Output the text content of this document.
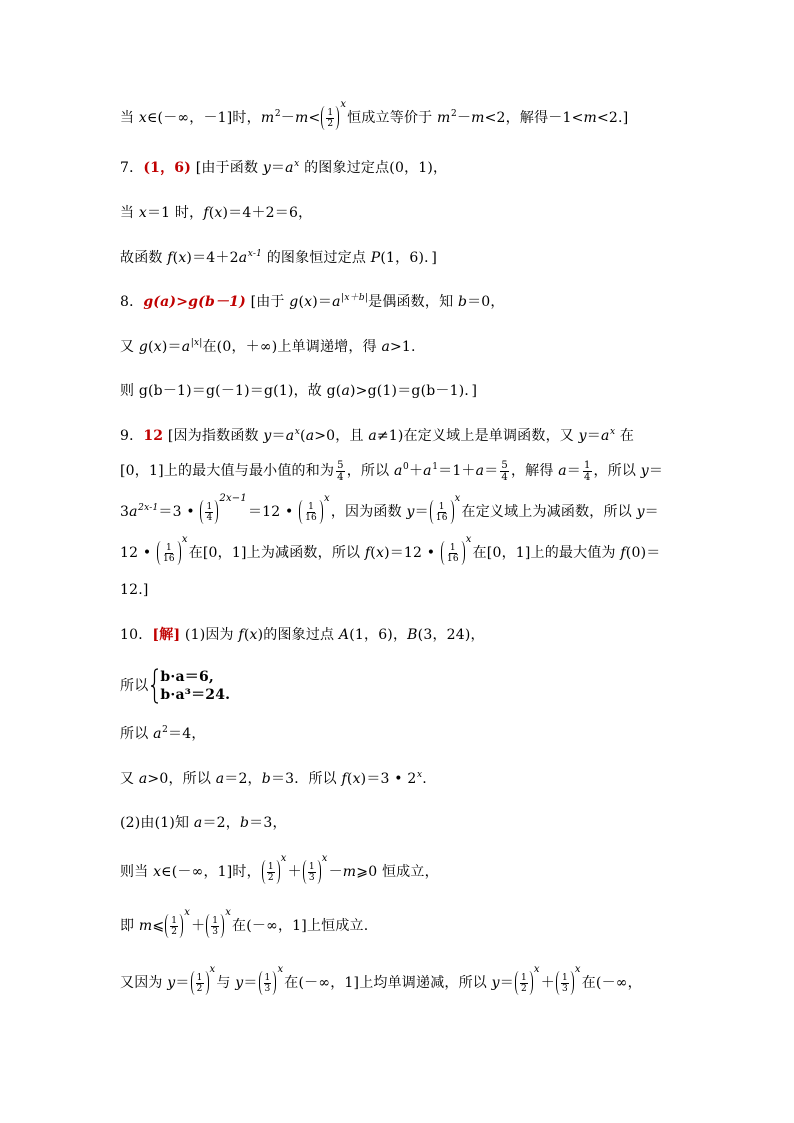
当 x∈(－∞，－1]时，$m^2-m< \frac{1}{2}$
x
恒成立等价于 $m^2-m<2$，解得－1<m<2.]
7．(1，6) [由于函数 $y=a^x$ 的图象过定点(0，1)，
当 x＝1 时，f(x)＝4＋2＝6，
故函数 $f(x)=4+2a^{x-1}$ 的图象恒过定点 P(1，6)．]
8．g(a)>g(b－1) [由于 $g(x)=a^{|x+b|}$是偶函数，知 b＝0，
又 $g(x)=a^{|x|}$在(0，＋∞)上单调递增，得 a>1.
则 g(b－1)＝g(－1)＝g(1)，故 g(a)>g(1)＝g(b－1)．]
9．12 [因为指数函数 $y=a^x(a>0$，且 a≠1)在定义域上是单调函数，又 $y=a^x$ 在
[0，1]上的最大值与最小值的和为 $\frac{5}{4}$ ，所以 $a^0+a^1=1+a= \frac{5}{4}$ ，解得 $a= \frac{1}{4}$ ，所以 y＝
$3a^{2x-1}=3$ • $\frac{1}{4}$
2x−1
＝12 • $\frac{1}{16}$
x
，因为函数 $y= \frac{1}{16}$
x
在定义域上为减函数，所以 y＝
12 • $\frac{1}{16}$
x
在[0，1]上为减函数，所以 f(x)＝12 • $\frac{1}{16}$
x
在[0，1]上的最大值为 f(0)＝
12.]
10．[解] (1)因为 f(x)的图象过点 A(1，6)，B(3，24)，
所以
b·a＝6,
b·a³＝24.
所以 $a^2=4$，
又 a>0，所以 a＝2，b＝3．所以 f(x)＝3 • 2$^x$.
(2)由(1)知 a＝2，b＝3，
则当 x∈(－∞，1]时， $\frac{1}{2}$
x
＋ $\frac{1}{3}$
x
－m⩾0 恒成立，
即 m⩽ $\frac{1}{2}$
x
＋ $\frac{1}{3}$
x
在(－∞，1]上恒成立.
又因为 $y= \frac{1}{2}$
x
与 $y= \frac{1}{3}$
x
在(－∞，1]上均单调递减，所以 $y= \frac{1}{2}$
x
＋ $\frac{1}{3}$
x
在(－∞，
